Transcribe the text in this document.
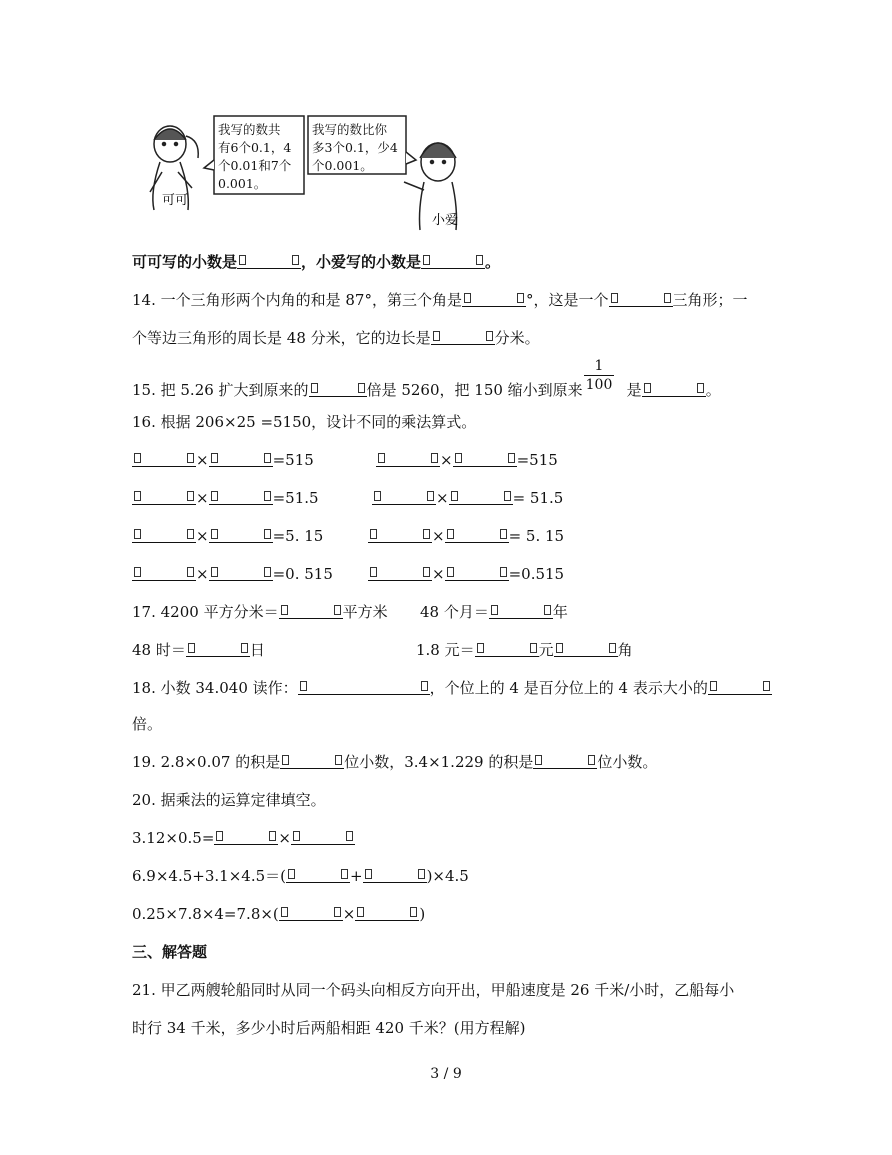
可可
我写的数共 有6个0.1，4 个0.01和7个 0.001。
我写的数比你 多3个0.1，少4 个0.001。
小爱
可可写的小数是	，小爱写的小数是	。
14. 一个三角形两个内角的和是 87°，第三个角是	°，这是一个	三角形；一
个等边三角形的周长是 48 分米，它的边长是	分米。
15. 把 5.26 扩大到原来的	倍是 5260，把 150 缩小到原来	是	。
$\frac{1}{100}$
16. 根据 206×25 =5150，设计不同的乘法算式。
×	=515	×	=515
×	=51.5	×	= 51.5
×	=5. 15	×	= 5. 15
×	=0. 515	×	=0.515
17. 4200 平方分米＝	平方米 48 个月＝	年
48 时＝	日	1.8 元＝	元	角
18. 小数 34.040 读作：	，个位上的 4 是百分位上的 4 表示大小的
倍。
19. 2.8×0.07 的积是	位小数，3.4×1.229 的积是	位小数。
20. 据乘法的运算定律填空。
3.12×0.5=	×
6.9×4.5+3.1×4.5＝(	+	)×4.5
0.25×7.8×4=7.8×(	×	)
三、解答题
21. 甲乙两艘轮船同时从同一个码头向相反方向开出，甲船速度是 26 千米/小时，乙船每小
时行 34 千米，多少小时后两船相距 420 千米？(用方程解)
3 / 9
